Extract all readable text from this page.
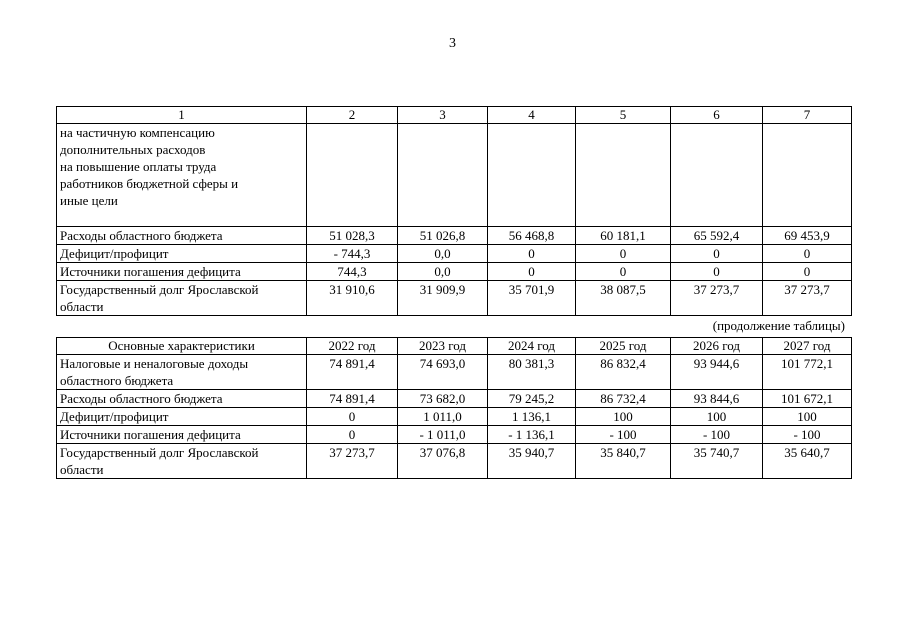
3
1	2	3	4	5	6	7
на частичную компенсацию
дополнительных расходов
на повышение оплаты труда
работников бюджетной сферы и
иные цели						
Расходы областного бюджета	51 028,3	51 026,8	56 468,8	60 181,1	65 592,4	69 453,9
Дефицит/профицит	- 744,3	0,0	0	0	0	0
Источники погашения дефицита	744,3	0,0	0	0	0	0
Государственный долг Ярославской
области	31 910,6	31 909,9	35 701,9	38 087,5	37 273,7	37 273,7
(продолжение таблицы)
Основные характеристики	2022 год	2023 год	2024 год	2025 год	2026 год	2027 год
Налоговые и неналоговые доходы
областного бюджета	74 891,4	74 693,0	80 381,3	86 832,4	93 944,6	101 772,1
Расходы областного бюджета	74 891,4	73 682,0	79 245,2	86 732,4	93 844,6	101 672,1
Дефицит/профицит	0	1 011,0	1 136,1	100	100	100
Источники погашения дефицита	0	- 1 011,0	- 1 136,1	- 100	- 100	- 100
Государственный долг Ярославской
области	37 273,7	37 076,8	35 940,7	35 840,7	35 740,7	35 640,7
